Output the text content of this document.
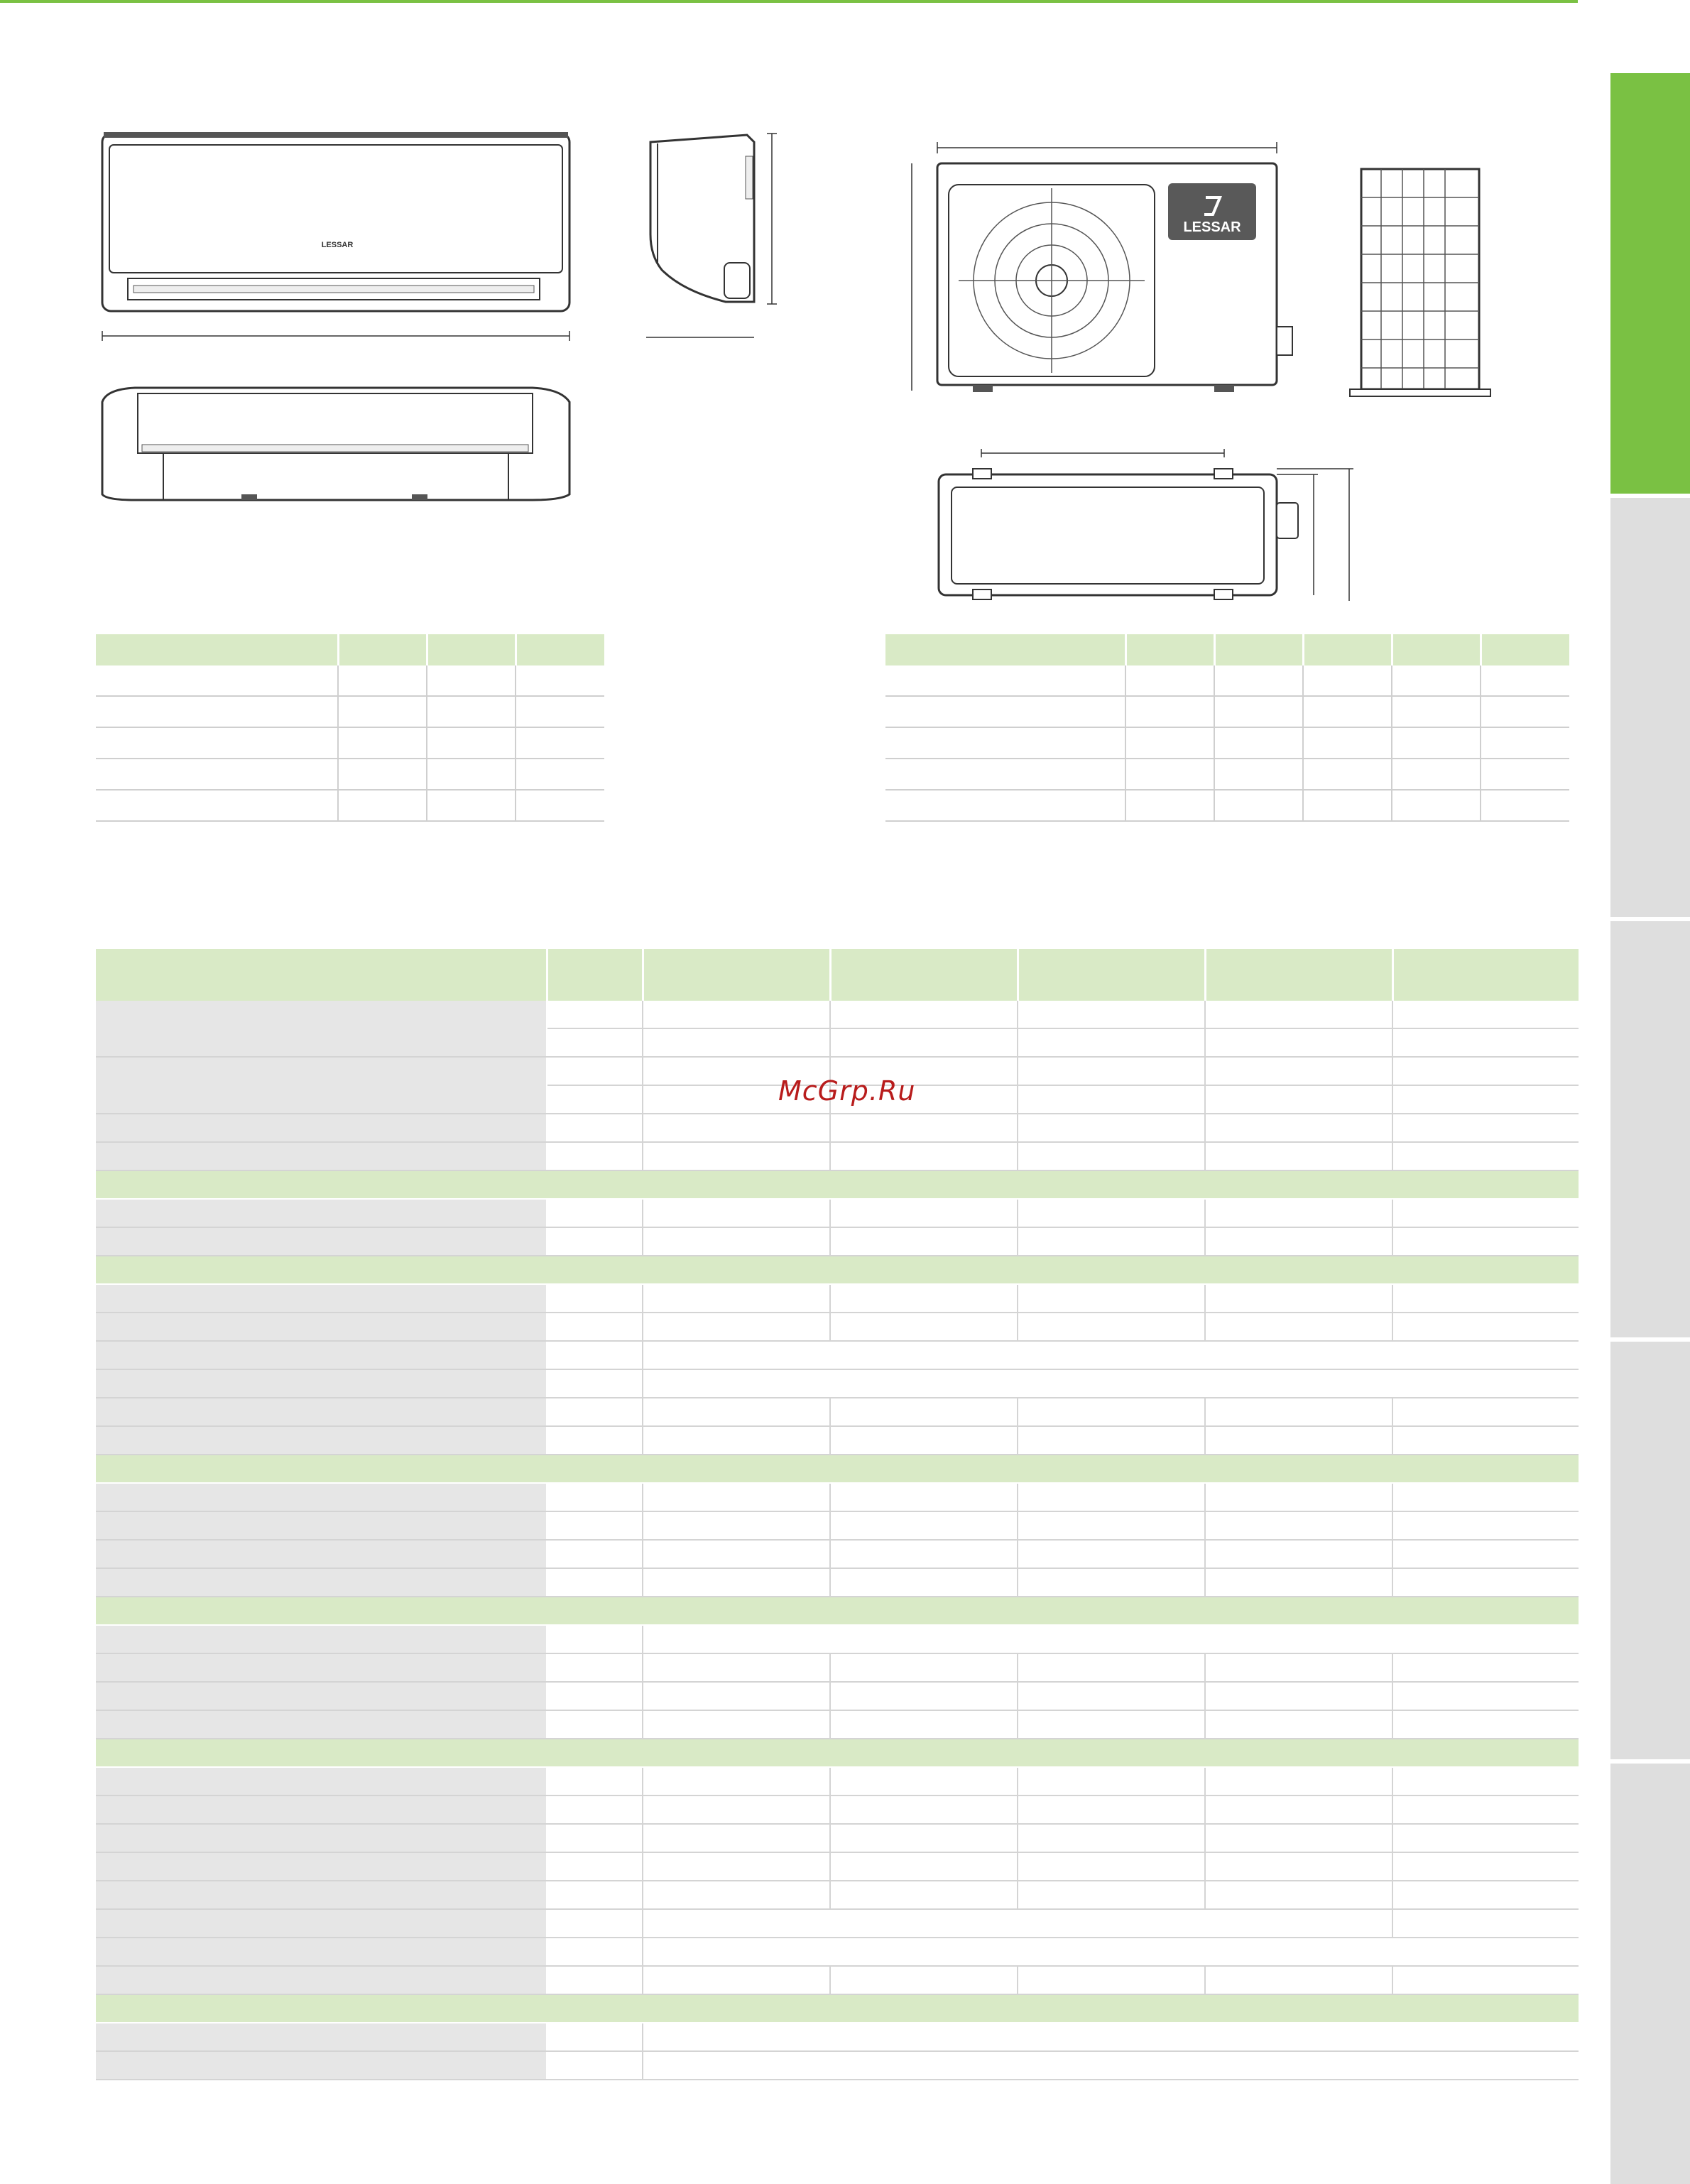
LESSAR
LESSAR

McGrp.Ru
